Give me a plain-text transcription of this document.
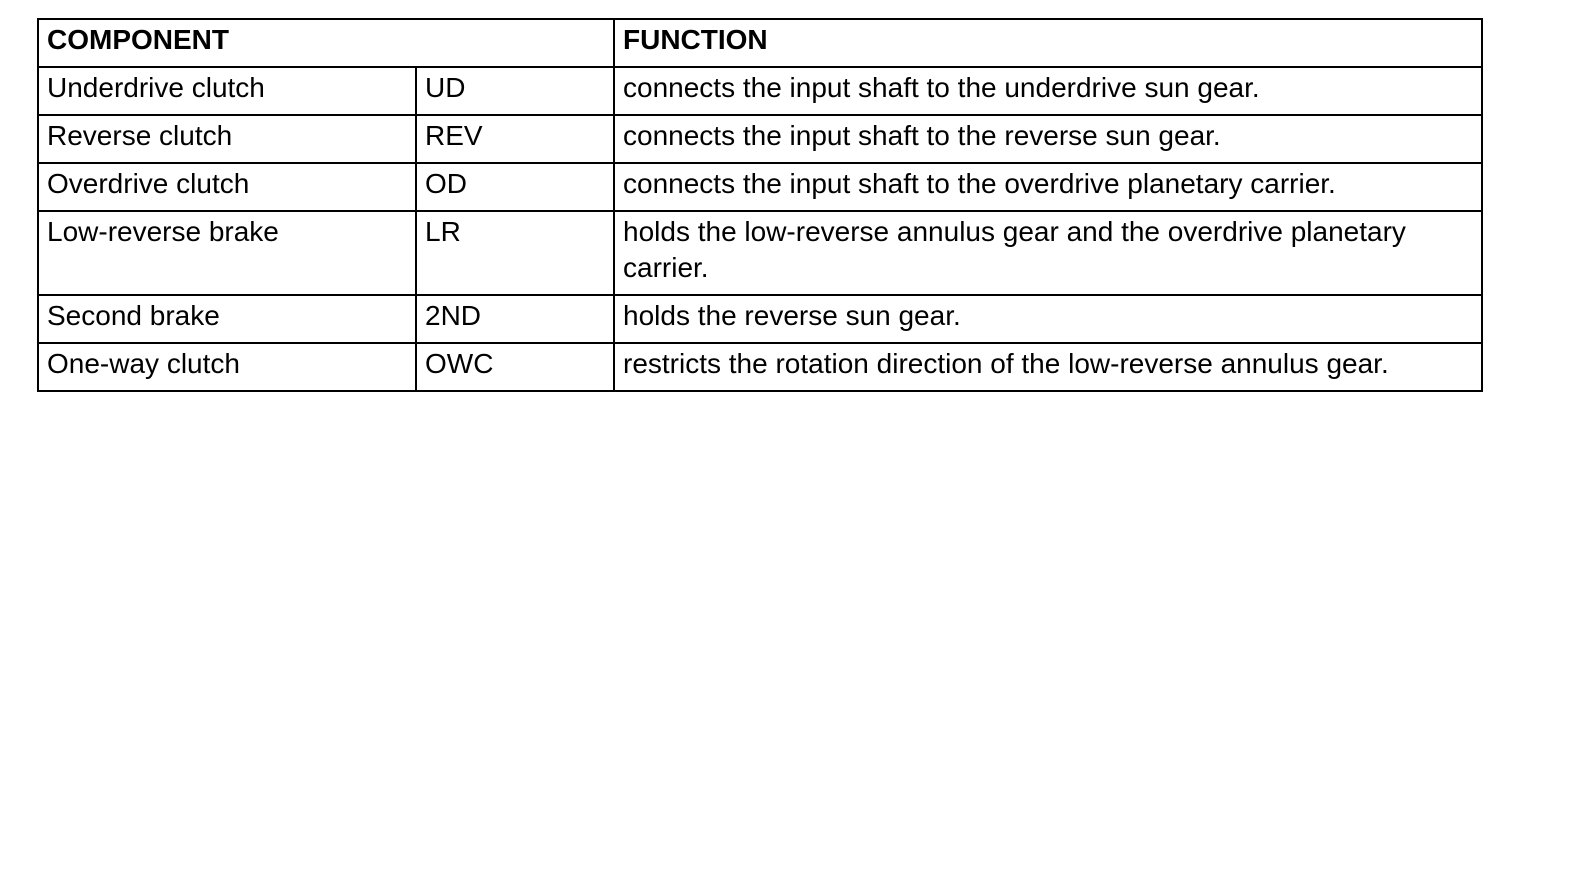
COMPONENT		FUNCTION
Underdrive clutch	UD	connects the input shaft to the underdrive sun gear.
Reverse clutch	REV	connects the input shaft to the reverse sun gear.
Overdrive clutch	OD	connects the input shaft to the overdrive planetary carrier.
Low-reverse brake	LR	holds the low-reverse annulus gear and the overdrive planetary carrier.
Second brake	2ND	holds the reverse sun gear.
One-way clutch	OWC	restricts the rotation direction of the low-reverse annulus gear.
